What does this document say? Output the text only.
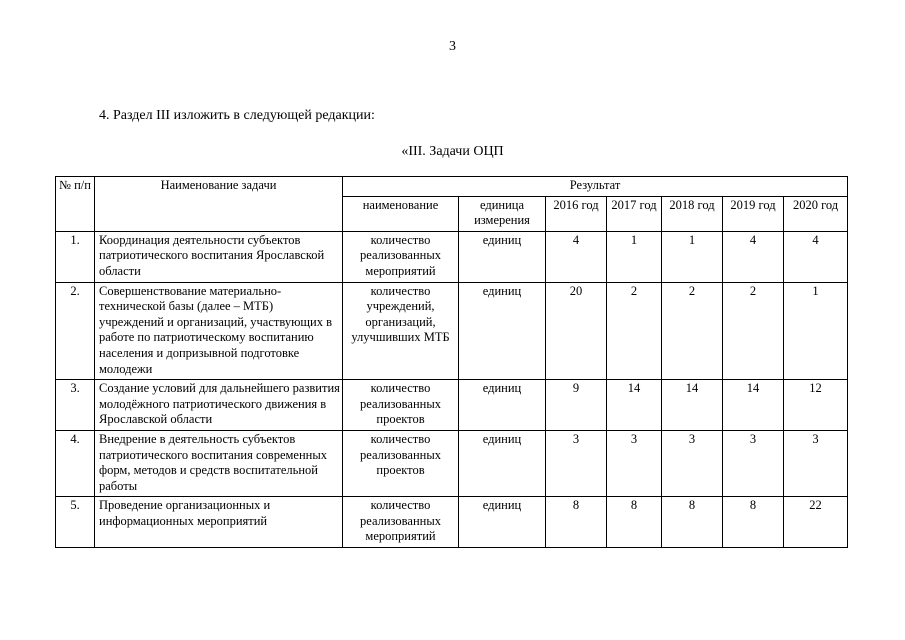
3
4. Раздел III изложить в следующей редакции:
«III. Задачи ОЦП
№ п/п	Наименование задачи	Результат						
		наименование	единица измерения	2016 год	2017 год	2018 год	2019 год	2020 год
1.	Координация деятельности субъектов патриотического воспитания Ярославской области	количество реализованных мероприятий	единиц	4	1	1	4	4
2.	Совершенствование материально-технической базы (далее – МТБ) учреждений и организаций, участвующих в работе по патриотическому воспитанию населения и допризывной подготовке молодежи	количество учреждений, организаций, улучшивших МТБ	единиц	20	2	2	2	1
3.	Создание условий для дальнейшего развития молодёжного патриотического движения в Ярославской области	количество реализованных проектов	единиц	9	14	14	14	12
4.	Внедрение в деятельность субъектов патриотического воспитания современных форм, методов и средств воспитательной работы	количество реализованных проектов	единиц	3	3	3	3	3
5.	Проведение организационных и информационных мероприятий	количество реализованных мероприятий	единиц	8	8	8	8	22
